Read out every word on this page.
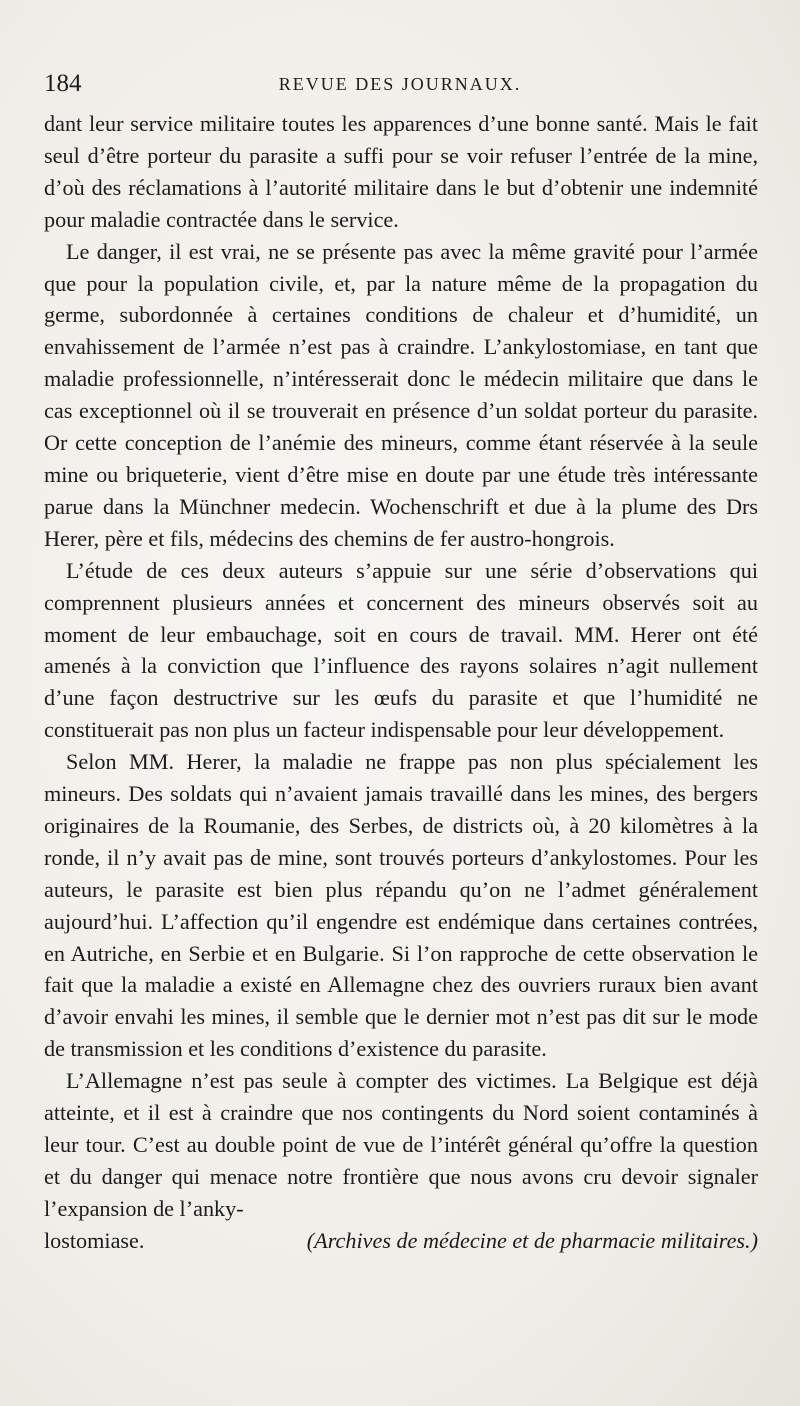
184	REVUE DES JOURNAUX.

dant leur service militaire toutes les apparences d’une bonne santé. Mais le fait seul d’être porteur du parasite a suffi pour se voir refuser l’entrée de la mine, d’où des réclamations à l’autorité militaire dans le but d’obtenir une indemnité pour maladie contractée dans le service.

Le danger, il est vrai, ne se présente pas avec la même gravité pour l’armée que pour la population civile, et, par la nature même de la propagation du germe, subordonnée à certaines conditions de chaleur et d’humidité, un envahissement de l’armée n’est pas à craindre. L’ankylostomiase, en tant que maladie professionnelle, n’intéresserait donc le médecin militaire que dans le cas exceptionnel où il se trouverait en présence d’un soldat porteur du parasite. Or cette conception de l’anémie des mineurs, comme étant réservée à la seule mine ou briqueterie, vient d’être mise en doute par une étude très intéressante parue dans la Münchner medecin. Wochenschrift et due à la plume des Drs Herer, père et fils, médecins des chemins de fer austro-hongrois.

L’étude de ces deux auteurs s’appuie sur une série d’observations qui comprennent plusieurs années et concernent des mineurs observés soit au moment de leur embauchage, soit en cours de travail. MM. Herer ont été amenés à la conviction que l’influence des rayons solaires n’agit nullement d’une façon destructrive sur les œufs du parasite et que l’humidité ne constituerait pas non plus un facteur indispensable pour leur développement.

Selon MM. Herer, la maladie ne frappe pas non plus spécialement les mineurs. Des soldats qui n’avaient jamais travaillé dans les mines, des bergers originaires de la Roumanie, des Serbes, de districts où, à 20 kilomètres à la ronde, il n’y avait pas de mine, sont trouvés porteurs d’ankylostomes. Pour les auteurs, le parasite est bien plus répandu qu’on ne l’admet généralement aujourd’hui. L’affection qu’il engendre est endémique dans certaines contrées, en Autriche, en Serbie et en Bulgarie. Si l’on rapproche de cette observation le fait que la maladie a existé en Allemagne chez des ouvriers ruraux bien avant d’avoir envahi les mines, il semble que le dernier mot n’est pas dit sur le mode de transmission et les conditions d’existence du parasite.

L’Allemagne n’est pas seule à compter des victimes. La Belgique est déjà atteinte, et il est à craindre que nos contingents du Nord soient contaminés à leur tour. C’est au double point de vue de l’intérêt général qu’offre la question et du danger qui menace notre frontière que nous avons cru devoir signaler l’expansion de l’anky-

lostomiase.	(Archives de médecine et de pharmacie militaires.)
